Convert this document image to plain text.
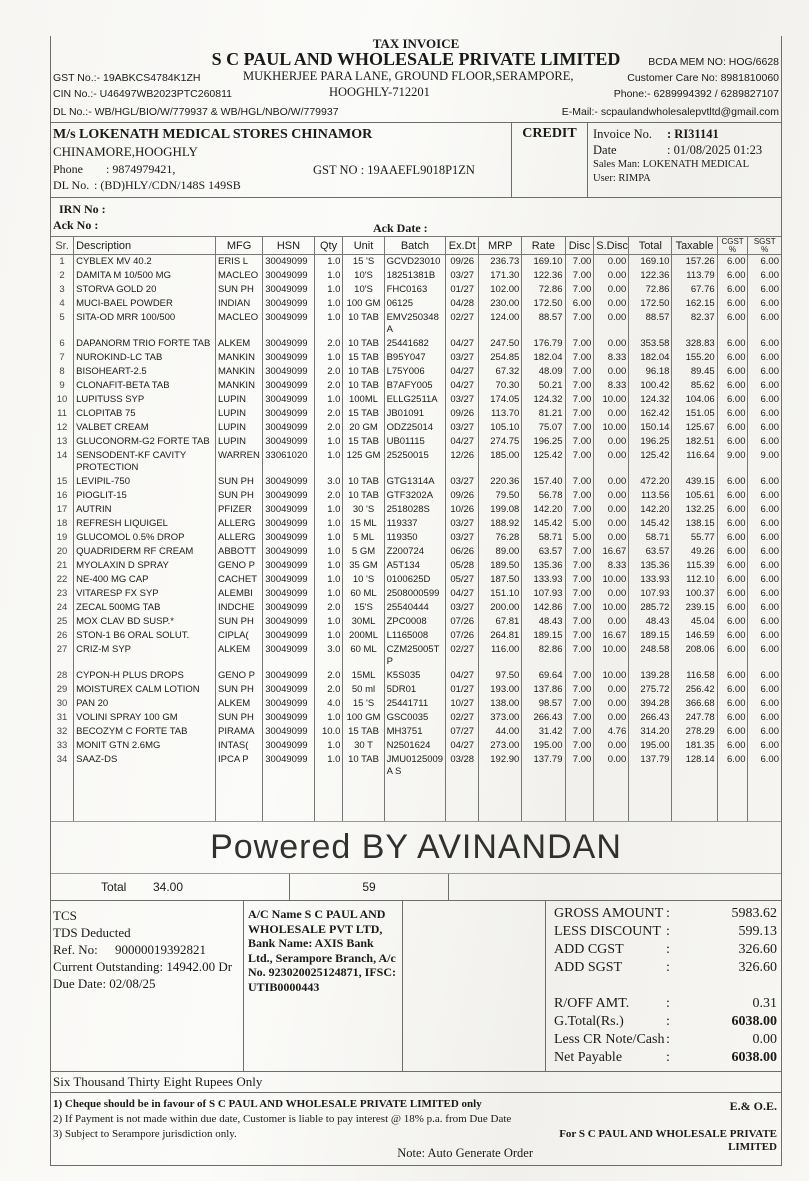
TAX INVOICE
S C PAUL AND WHOLESALE PRIVATE LIMITED
MUKHERJEE PARA LANE, GROUND FLOOR,SERAMPORE,
HOOGHLY-712201
GST No.:- 19ABKCS4784K1ZH
CIN No.:- U46497WB2023PTC260811
DL No.:- WB/HGL/BIO/W/779937 & WB/HGL/NBO/W/779937
BCDA MEM NO: HOG/6628
Customer Care No: 8981810060
Phone:- 6289994392 / 6289827107
E-Mail:- scpaulandwholesalepvtltd@gmail.com
M/s LOKENATH MEDICAL STORES CHINAMOR
CHINAMORE,HOOGHLY
Phone : 9874979421,	GST NO : 19AAEFL9018P1ZN
DL No. : (BD)HLY/CDN/148S 149SB
CREDIT	Invoice No.	: RI31141
Date	: 01/08/2025 01:23
Sales Man: LOKENATH MEDICAL
User: RIMPA
IRN No :
Ack No :	Ack Date :
Sr.	Description	MFG	HSN	Qty	Unit	Batch	Ex.Dt	MRP	Rate	Disc	S.Disc	Total	Taxable	CGST %	SGST %
1	CYBLEX MV 40.2	ERIS L	30049099	1.0	15 'S	GCVD23010	09/26	236.73	169.10	7.00	0.00	169.10	157.26	6.00	6.00
2	DAMITA M 10/500 MG	MACLEO	30049099	1.0	10'S	18251381B	03/27	171.30	122.36	7.00	0.00	122.36	113.79	6.00	6.00
3	STORVA GOLD 20	SUN PH	30049099	1.0	10'S	FHC0163	01/27	102.00	72.86	7.00	0.00	72.86	67.76	6.00	6.00
4	MUCI-BAEL POWDER	INDIAN	30049099	1.0	100 GM	06125	04/28	230.00	172.50	6.00	0.00	172.50	162.15	6.00	6.00
5	SITA-OD MRR 100/500	MACLEO	30049099	1.0	10 TAB	EMV250348A	02/27	124.00	88.57	7.00	0.00	88.57	82.37	6.00	6.00
6	DAPANORM TRIO FORTE TAB	ALKEM	30049099	2.0	10 TAB	25441682	04/27	247.50	176.79	7.00	0.00	353.58	328.83	6.00	6.00
7	NUROKIND-LC TAB	MANKIN	30049099	1.0	15 TAB	B95Y047	03/27	254.85	182.04	7.00	8.33	182.04	155.20	6.00	6.00
8	BISOHEART-2.5	MANKIN	30049099	2.0	10 TAB	L75Y006	04/27	67.32	48.09	7.00	0.00	96.18	89.45	6.00	6.00
9	CLONAFIT-BETA TAB	MANKIN	30049099	2.0	10 TAB	B7AFY005	04/27	70.30	50.21	7.00	8.33	100.42	85.62	6.00	6.00
10	LUPITUSS SYP	LUPIN	30049099	1.0	100ML	ELLG2511A	03/27	174.05	124.32	7.00	10.00	124.32	104.06	6.00	6.00
11	CLOPITAB 75	LUPIN	30049099	2.0	15 TAB	JB01091	09/26	113.70	81.21	7.00	0.00	162.42	151.05	6.00	6.00
12	VALBET CREAM	LUPIN	30049099	2.0	20 GM	ODZ25014	03/27	105.10	75.07	7.00	10.00	150.14	125.67	6.00	6.00
13	GLUCONORM-G2 FORTE TAB	LUPIN	30049099	1.0	15 TAB	UB01115	04/27	274.75	196.25	7.00	0.00	196.25	182.51	6.00	6.00
14	SENSODENT-KF CAVITY PROTECTION	WARREN	33061020	1.0	125 GM	25250015	12/26	185.00	125.42	7.00	0.00	125.42	116.64	9.00	9.00
15	LEVIPIL-750	SUN PH	30049099	3.0	10 TAB	GTG1314A	03/27	220.36	157.40	7.00	0.00	472.20	439.15	6.00	6.00
16	PIOGLIT-15	SUN PH	30049099	2.0	10 TAB	GTF3202A	09/26	79.50	56.78	7.00	0.00	113.56	105.61	6.00	6.00
17	AUTRIN	PFIZER	30049099	1.0	30 'S	2518028S	10/26	199.08	142.20	7.00	0.00	142.20	132.25	6.00	6.00
18	REFRESH LIQUIGEL	ALLERG	30049099	1.0	15 ML	119337	03/27	188.92	145.42	5.00	0.00	145.42	138.15	6.00	6.00
19	GLUCOMOL 0.5% DROP	ALLERG	30049099	1.0	5 ML	119350	03/27	76.28	58.71	5.00	0.00	58.71	55.77	6.00	6.00
20	QUADRIDERM RF CREAM	ABBOTT	30049099	1.0	5 GM	Z200724	06/26	89.00	63.57	7.00	16.67	63.57	49.26	6.00	6.00
21	MYOLAXIN D SPRAY	GENO P	30049099	1.0	35 GM	A5T134	05/28	189.50	135.36	7.00	8.33	135.36	115.39	6.00	6.00
22	NE-400 MG CAP	CACHET	30049099	1.0	10 'S	0100625D	05/27	187.50	133.93	7.00	10.00	133.93	112.10	6.00	6.00
23	VITARESP FX SYP	ALEMBI	30049099	1.0	60 ML	2508000599	04/27	151.10	107.93	7.00	0.00	107.93	100.37	6.00	6.00
24	ZECAL 500MG TAB	INDCHE	30049099	2.0	15'S	25540444	03/27	200.00	142.86	7.00	10.00	285.72	239.15	6.00	6.00
25	MOX CLAV BD SUSP.*	SUN PH	30049099	1.0	30ML	ZPC0008	07/26	67.81	48.43	7.00	0.00	48.43	45.04	6.00	6.00
26	STON-1 B6 ORAL SOLUT.	CIPLA(	30049099	1.0	200ML	L1165008	07/26	264.81	189.15	7.00	16.67	189.15	146.59	6.00	6.00
27	CRIZ-M SYP	ALKEM	30049099	3.0	60 ML	CZM25005TP	02/27	116.00	82.86	7.00	10.00	248.58	208.06	6.00	6.00
28	CYPON-H PLUS DROPS	GENO P	30049099	2.0	15ML	K5S035	04/27	97.50	69.64	7.00	10.00	139.28	116.58	6.00	6.00
29	MOISTUREX CALM LOTION	SUN PH	30049099	2.0	50 ml	5DR01	01/27	193.00	137.86	7.00	0.00	275.72	256.42	6.00	6.00
30	PAN 20	ALKEM	30049099	4.0	15 'S	25441711	10/27	138.00	98.57	7.00	0.00	394.28	366.68	6.00	6.00
31	VOLINI SPRAY 100 GM	SUN PH	30049099	1.0	100 GM	GSC0035	02/27	373.00	266.43	7.00	0.00	266.43	247.78	6.00	6.00
32	BECOZYM C FORTE TAB	PIRAMA	30049099	10.0	15 TAB	MH3751	07/27	44.00	31.42	7.00	4.76	314.20	278.29	6.00	6.00
33	MONIT GTN 2.6MG	INTAS(	30049099	1.0	30 T	N2501624	04/27	273.00	195.00	7.00	0.00	195.00	181.35	6.00	6.00
34	SAAZ-DS	IPCA P	30049099	1.0	10 TAB	JMU0125009A S	03/28	192.90	137.79	7.00	0.00	137.79	128.14	6.00	6.00

Powered BY AVINANDAN
Total	34.00	59
TCS
TDS Deducted
Ref. No: 90000019392821
Current Outstanding: 14942.00 Dr
Due Date: 02/08/25
A/C Name S C PAUL AND WHOLESALE PVT LTD, Bank Name: AXIS Bank Ltd., Serampore Branch, A/c No. 923020025124871, IFSC: UTIB0000443
GROSS AMOUNT :	5983.62
LESS DISCOUNT :	599.13
ADD CGST	:	326.60
ADD SGST	:	326.60
R/OFF AMT.	:	0.31
G.Total(Rs.)	:	6038.00
Less CR Note/Cash :	0.00
Net Payable	:	6038.00
Six Thousand Thirty Eight Rupees Only
1) Cheque should be in favour of S C PAUL AND WHOLESALE PRIVATE LIMITED only
2) If Payment is not made within due date, Customer is liable to pay interest @ 18% p.a. from Due Date
3) Subject to Serampore jurisdiction only.
Note: Auto Generate Order
E.& O.E.
For S C PAUL AND WHOLESALE PRIVATE LIMITED
